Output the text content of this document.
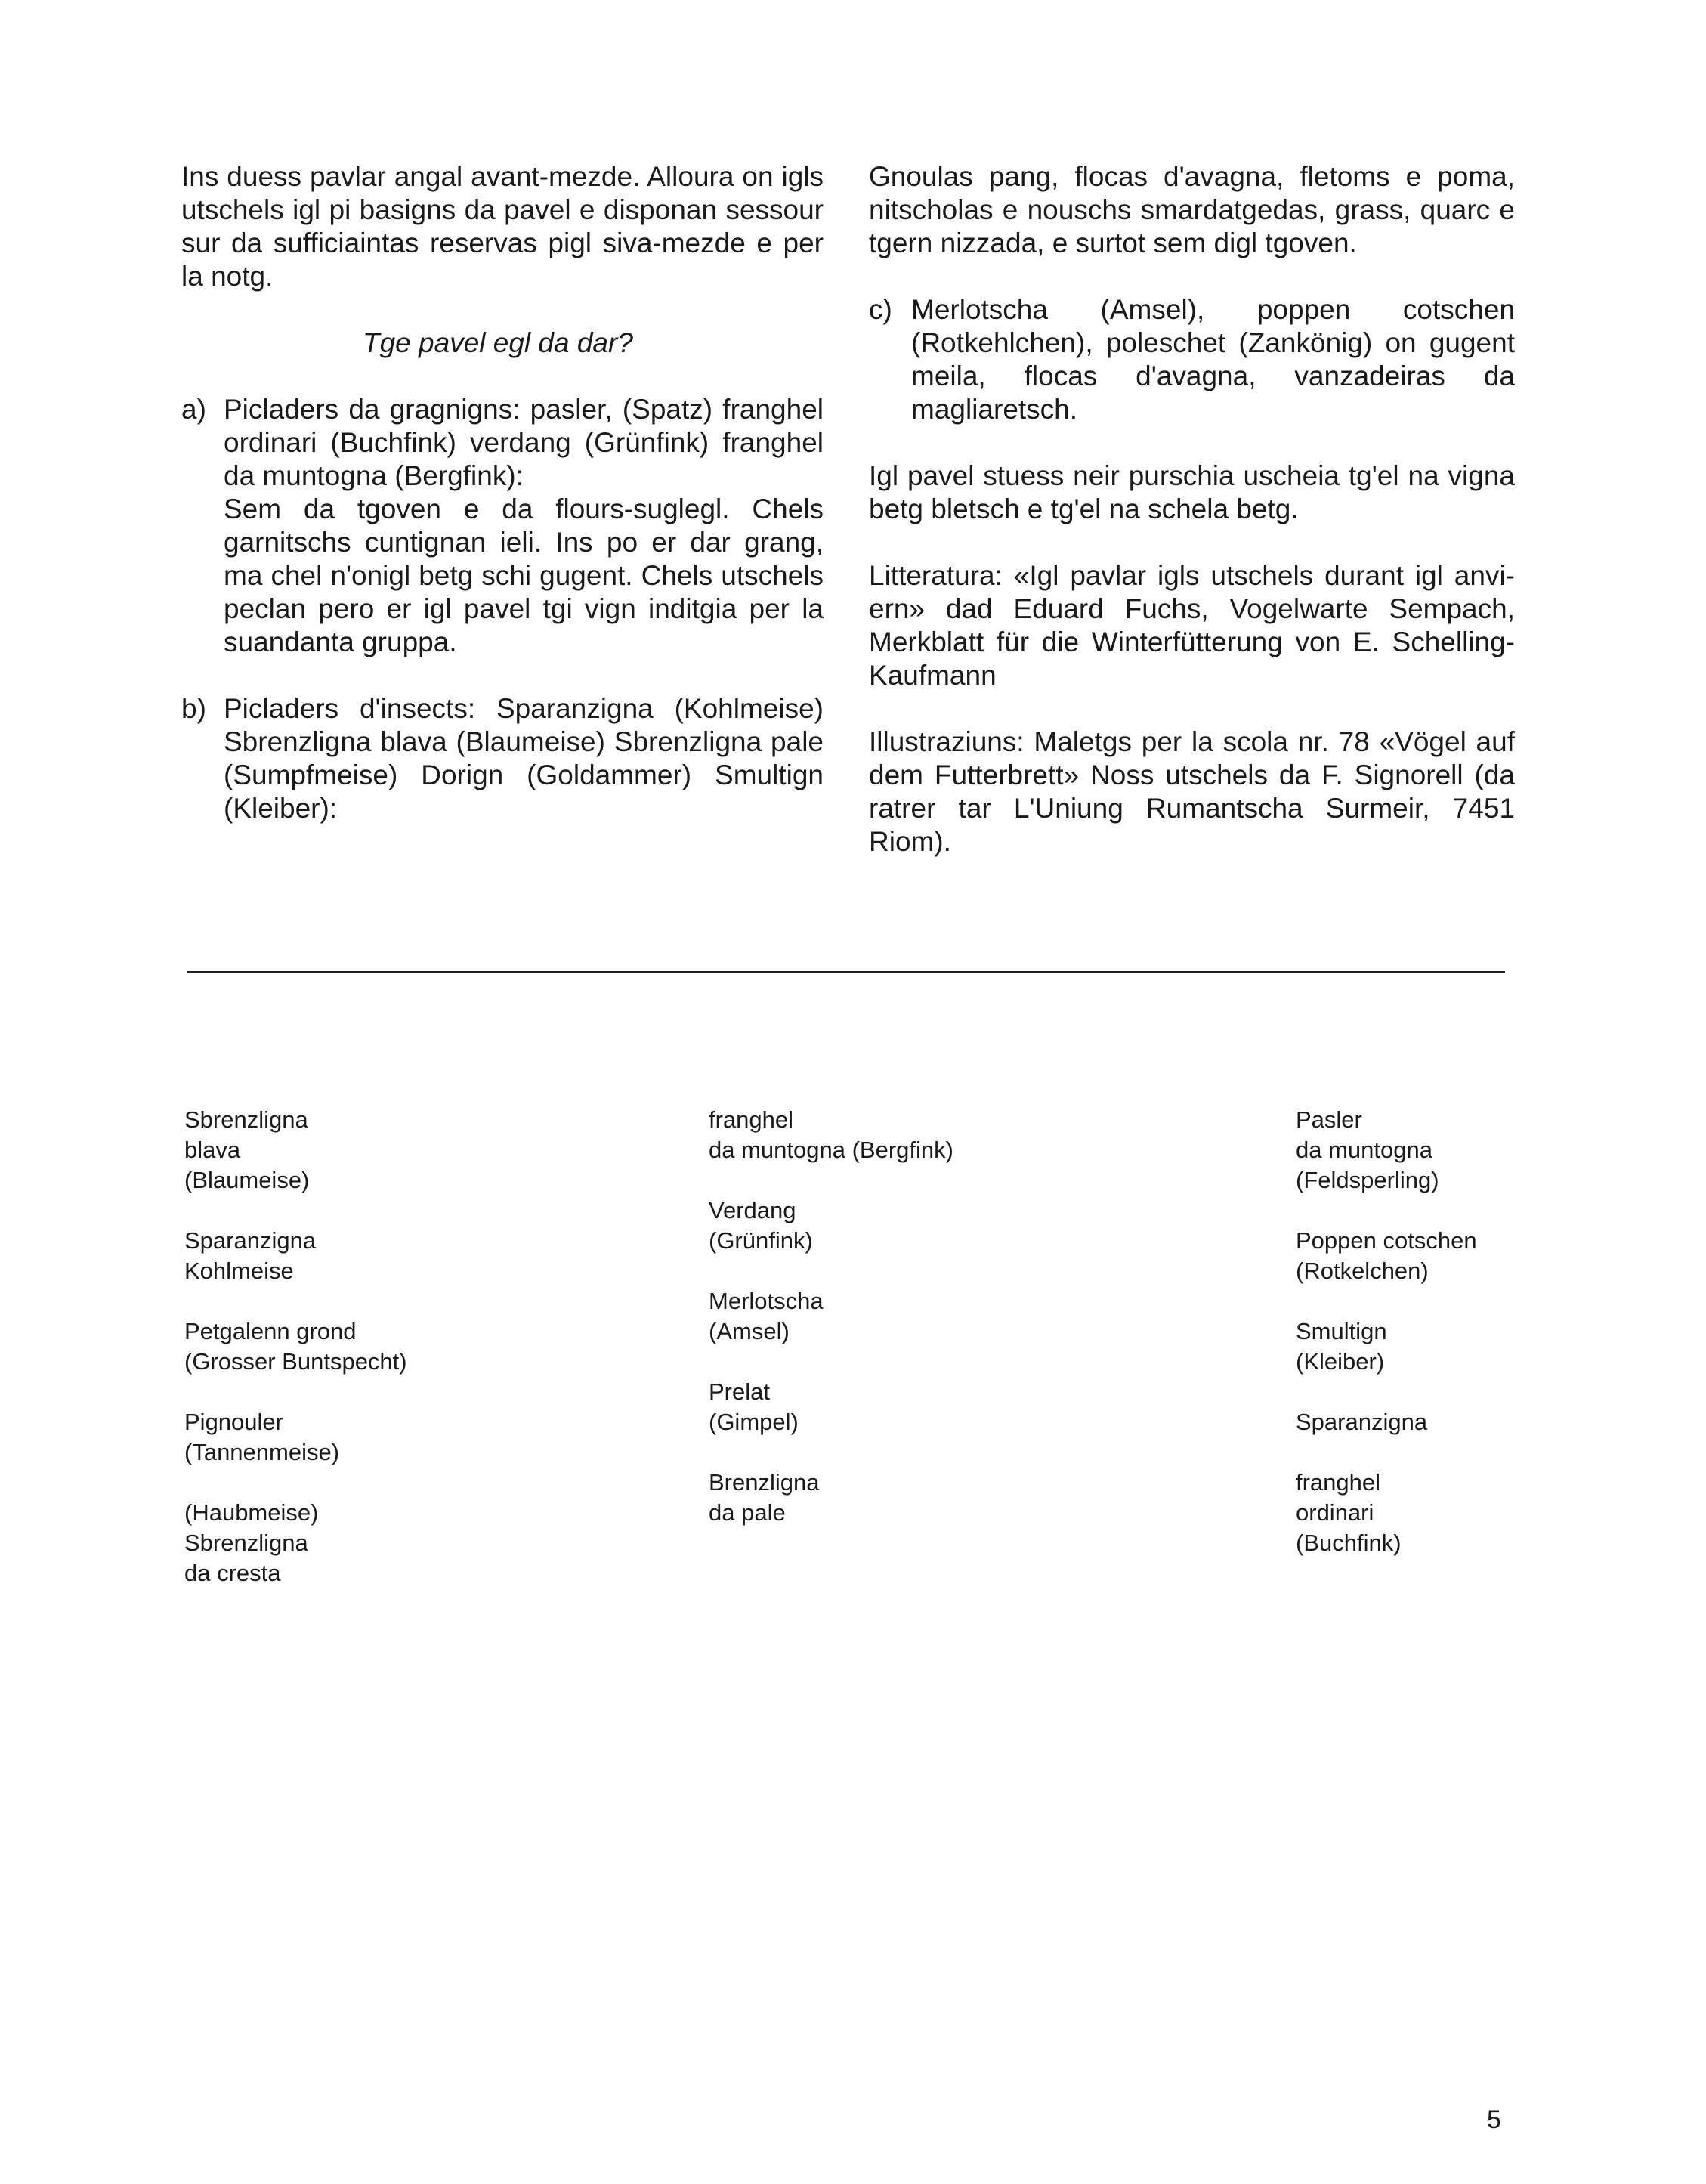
Ins duess pavlar angal avant-mezde. Alloura on igls utschels igl pi basigns da pavel e disponan sessour sur da sufficiaintas reservas pigl siva-mezde e per la notg.

Tge pavel egl da dar?

a) Picladers da gragnigns: pasler, (Spatz) franghel ordinari (Buchfink) verdang (Grünfink) franghel da muntogna (Bergfink):

Sem da tgoven e da flours-suglegl. Chels garnitschs cuntignan ieli. Ins po er dar grang, ma chel n'onigl betg schi gugent. Chels utschels peclan pero er igl pavel tgi vign inditgia per la suandanta gruppa.

b) Picladers d'insects: Sparanzigna (Kohlmeise) Sbrenzligna blava (Blaumeise) Sbrenzligna pale (Sumpfmeise) Dorign (Goldammer) Smultign (Kleiber):

Gnoulas pang, flocas d'avagna, fletoms e poma, nitscholas e nouschs smardatgedas, grass, quarc e tgern nizzada, e surtot sem digl tgoven.

c) Merlotscha (Amsel), poppen cotschen (Rotkehlchen), poleschet (Zankönig) on gugent meila, flocas d'avagna, vanzadeiras da magliaretsch.

Igl pavel stuess neir purschia uscheia tg'el na vigna betg bletsch e tg'el na schela betg.

Litteratura: «Igl pavlar igls utschels durant igl anvi-ern» dad Eduard Fuchs, Vogelwarte Sempach, Merkblatt für die Winterfütterung von E. Schelling-Kaufmann

Illustraziuns: Maletgs per la scola nr. 78 «Vögel auf dem Futterbrett» Noss utschels da F. Signorell (da ratrer tar L'Uniung Rumantscha Surmeir, 7451 Riom).

Sbrenzligna
blava
(Blaumeise)
Sparanzigna
Kohlmeise
Petgalenn grond
(Grosser Buntspecht)
Pignouler
(Tannenmeise)
(Haubmeise)
Sbrenzligna
da cresta
franghel
da muntogna (Bergfink)
Verdang
(Grünfink)
Merlotscha
(Amsel)
Prelat
(Gimpel)
Brenzligna
da pale
Pasler
da muntogna
(Feldsperling)
Poppen cotschen
(Rotkelchen)
Smultign
(Kleiber)
Sparanzigna
franghel
ordinari
(Buchfink)
5
